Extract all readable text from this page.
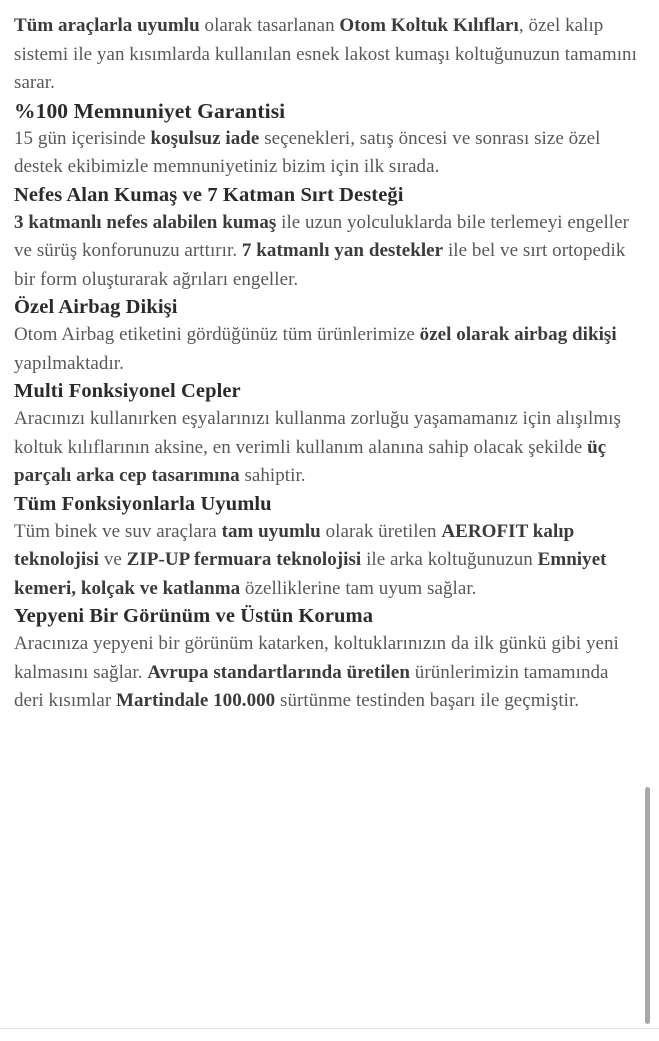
Tüm araçlarla uyumlu olarak tasarlanan Otom Koltuk Kılıfları, özel kalıp sistemi ile yan kısımlarda kullanılan esnek lakost kumaşı koltuğunuzun tamamını sarar.

%100 Memnuniyet Garantisi

15 gün içerisinde koşulsuz iade seçenekleri, satış öncesi ve sonrası size özel destek ekibimizle memnuniyetiniz bizim için ilk sırada.

Nefes Alan Kumaş ve 7 Katman Sırt Desteği

3 katmanlı nefes alabilen kumaş ile uzun yolculuklarda bile terlemeyi engeller ve sürüş konforunuzu arttırır. 7 katmanlı yan destekler ile bel ve sırt ortopedik bir form oluşturarak ağrıları engeller.

Özel Airbag Dikişi

Otom Airbag etiketini gördüğünüz tüm ürünlerimize özel olarak airbag dikişi yapılmaktadır.

Multi Fonksiyonel Cepler

Aracınızı kullanırken eşyalarınızı kullanma zorluğu yaşamamanız için alışılmış koltuk kılıflarının aksine, en verimli kullanım alanına sahip olacak şekilde üç parçalı arka cep tasarımına sahiptir.

Tüm Fonksiyonlarla Uyumlu

Tüm binek ve suv araçlara tam uyumlu olarak üretilen AEROFIT kalıp teknolojisi ve ZIP-UP fermuara teknolojisi ile arka koltuğunuzun Emniyet kemeri, kolçak ve katlanma özelliklerine tam uyum sağlar.

Yepyeni Bir Görünüm ve Üstün Koruma

Aracınıza yepyeni bir görünüm katarken, koltuklarınızın da ilk günkü gibi yeni kalmasını sağlar. Avrupa standartlarında üretilen ürünlerimizin tamamında deri kısımlar Martindale 100.000 sürtünme testinden başarı ile geçmiştir.
